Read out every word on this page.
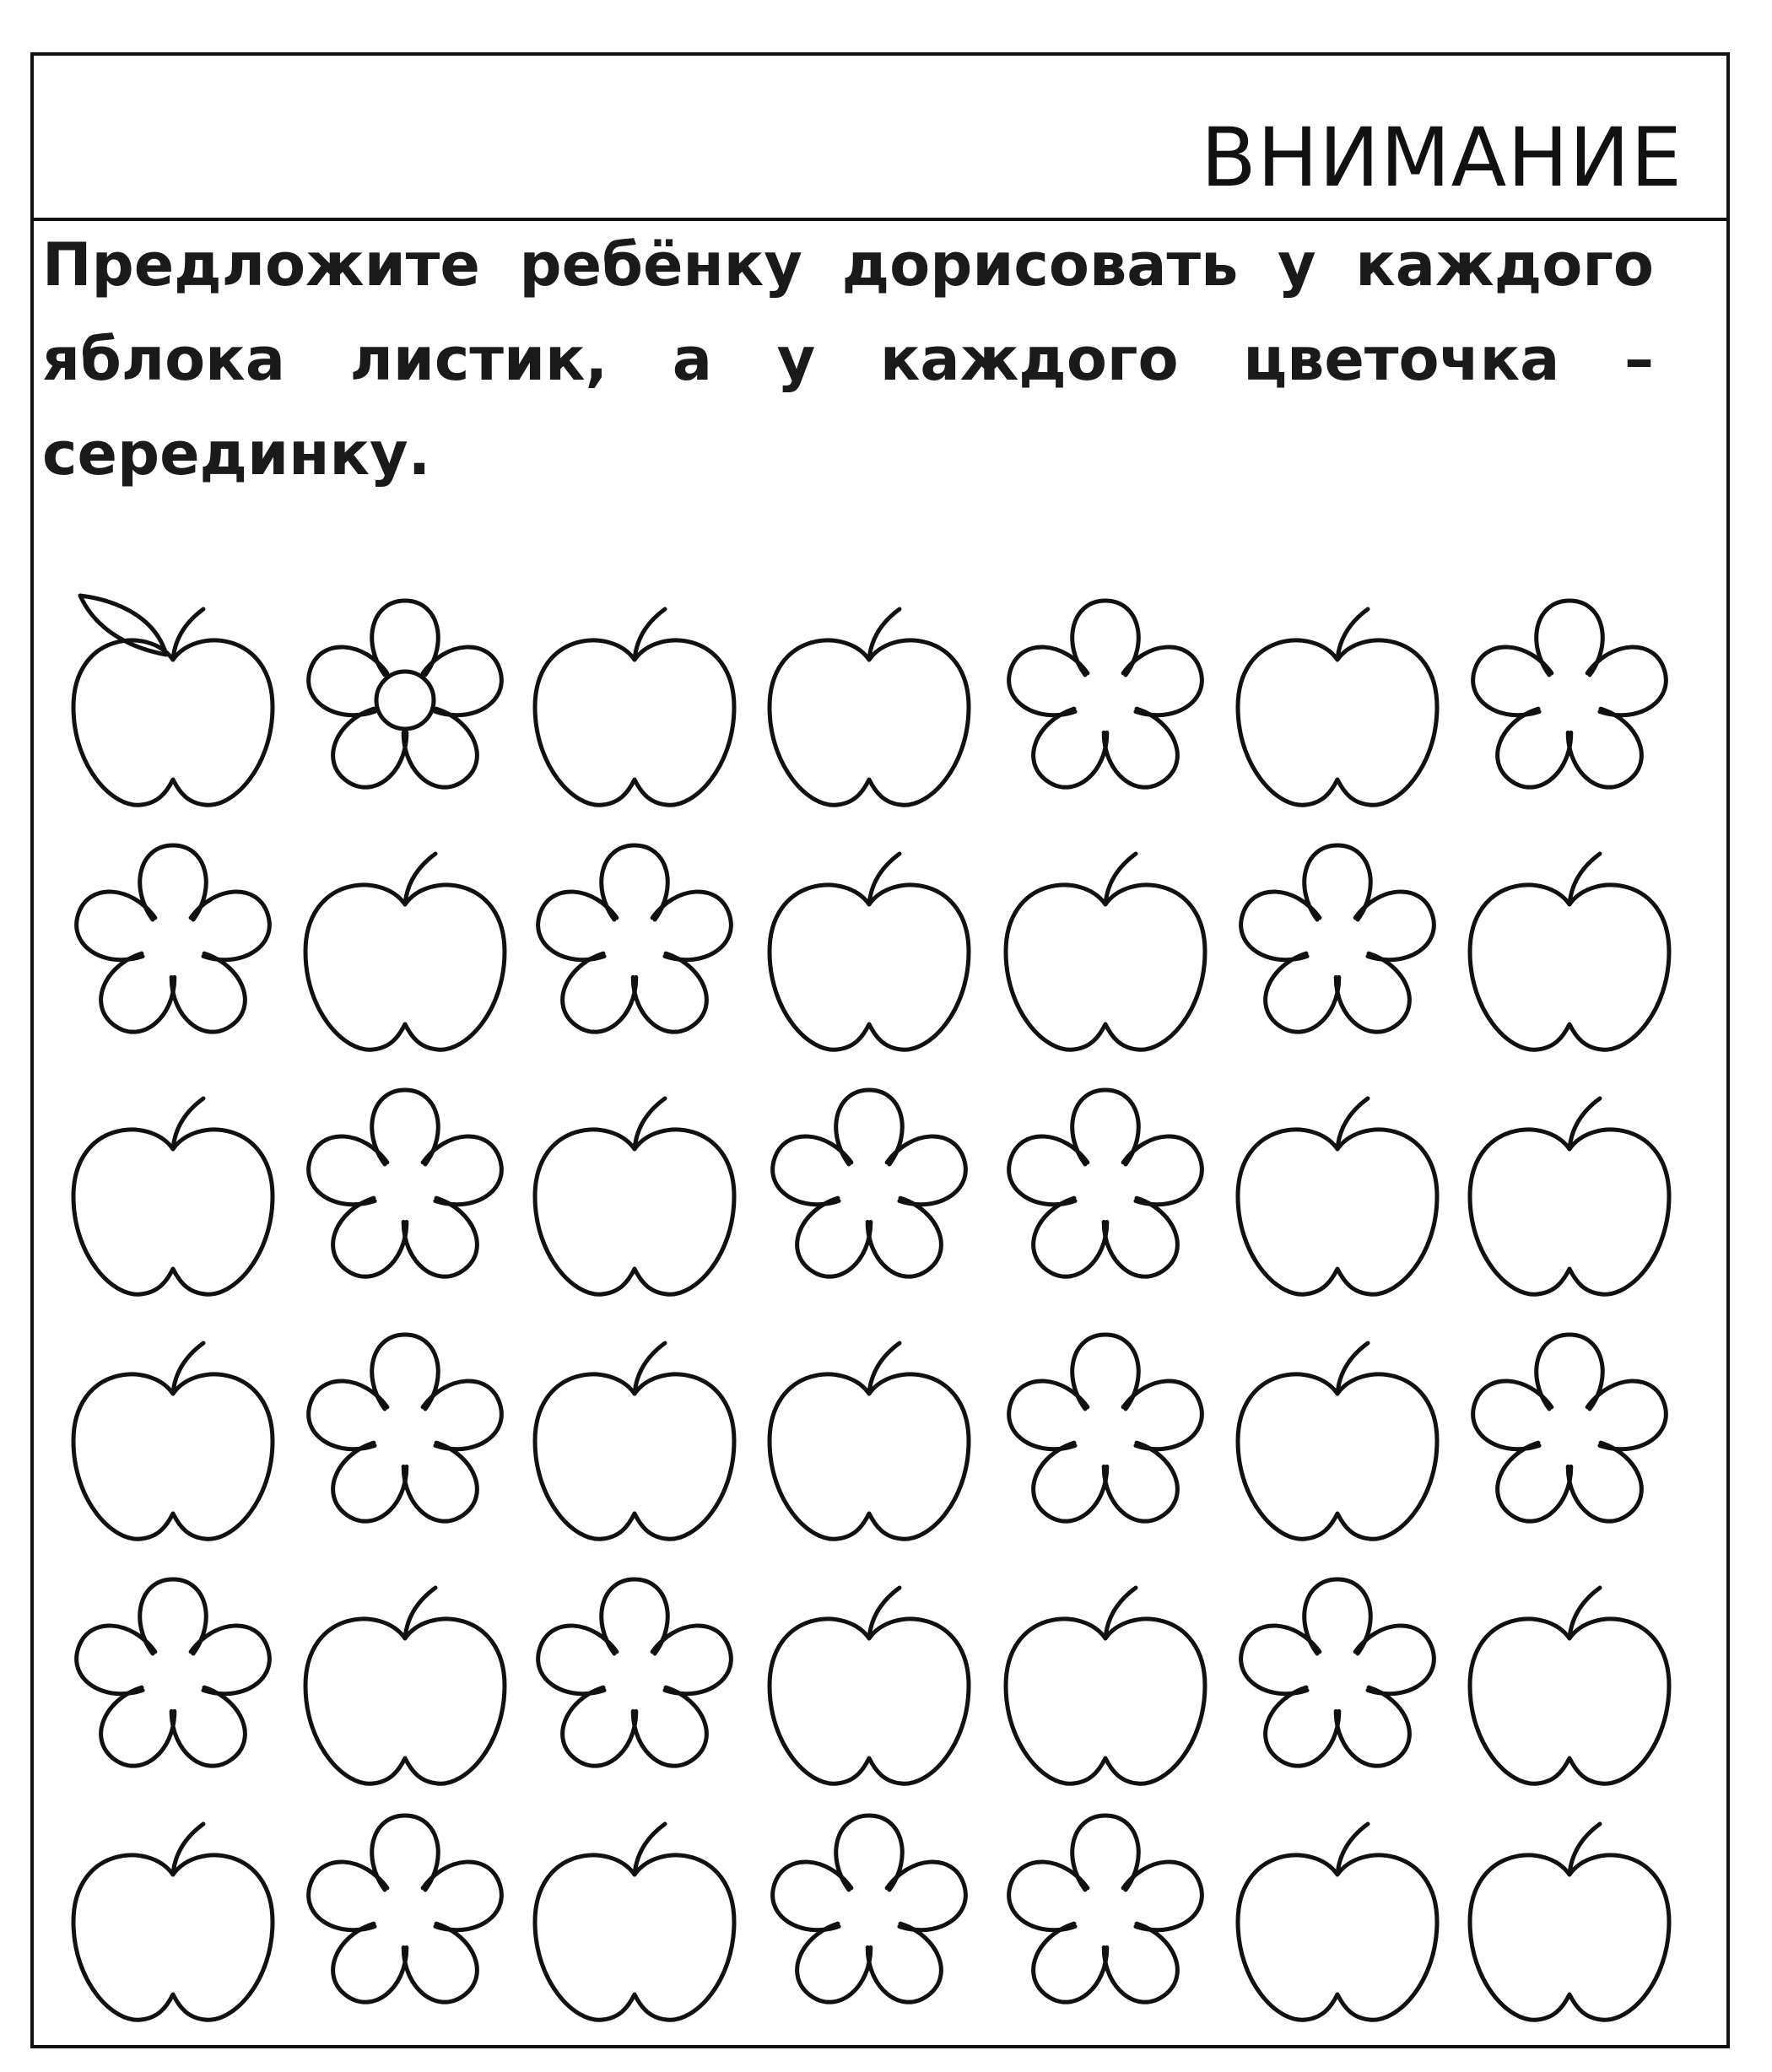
ВНИМАНИЕ

Предложите ребёнку дорисовать у каждого яблока листик, а у каждого цветочка – серединку.
